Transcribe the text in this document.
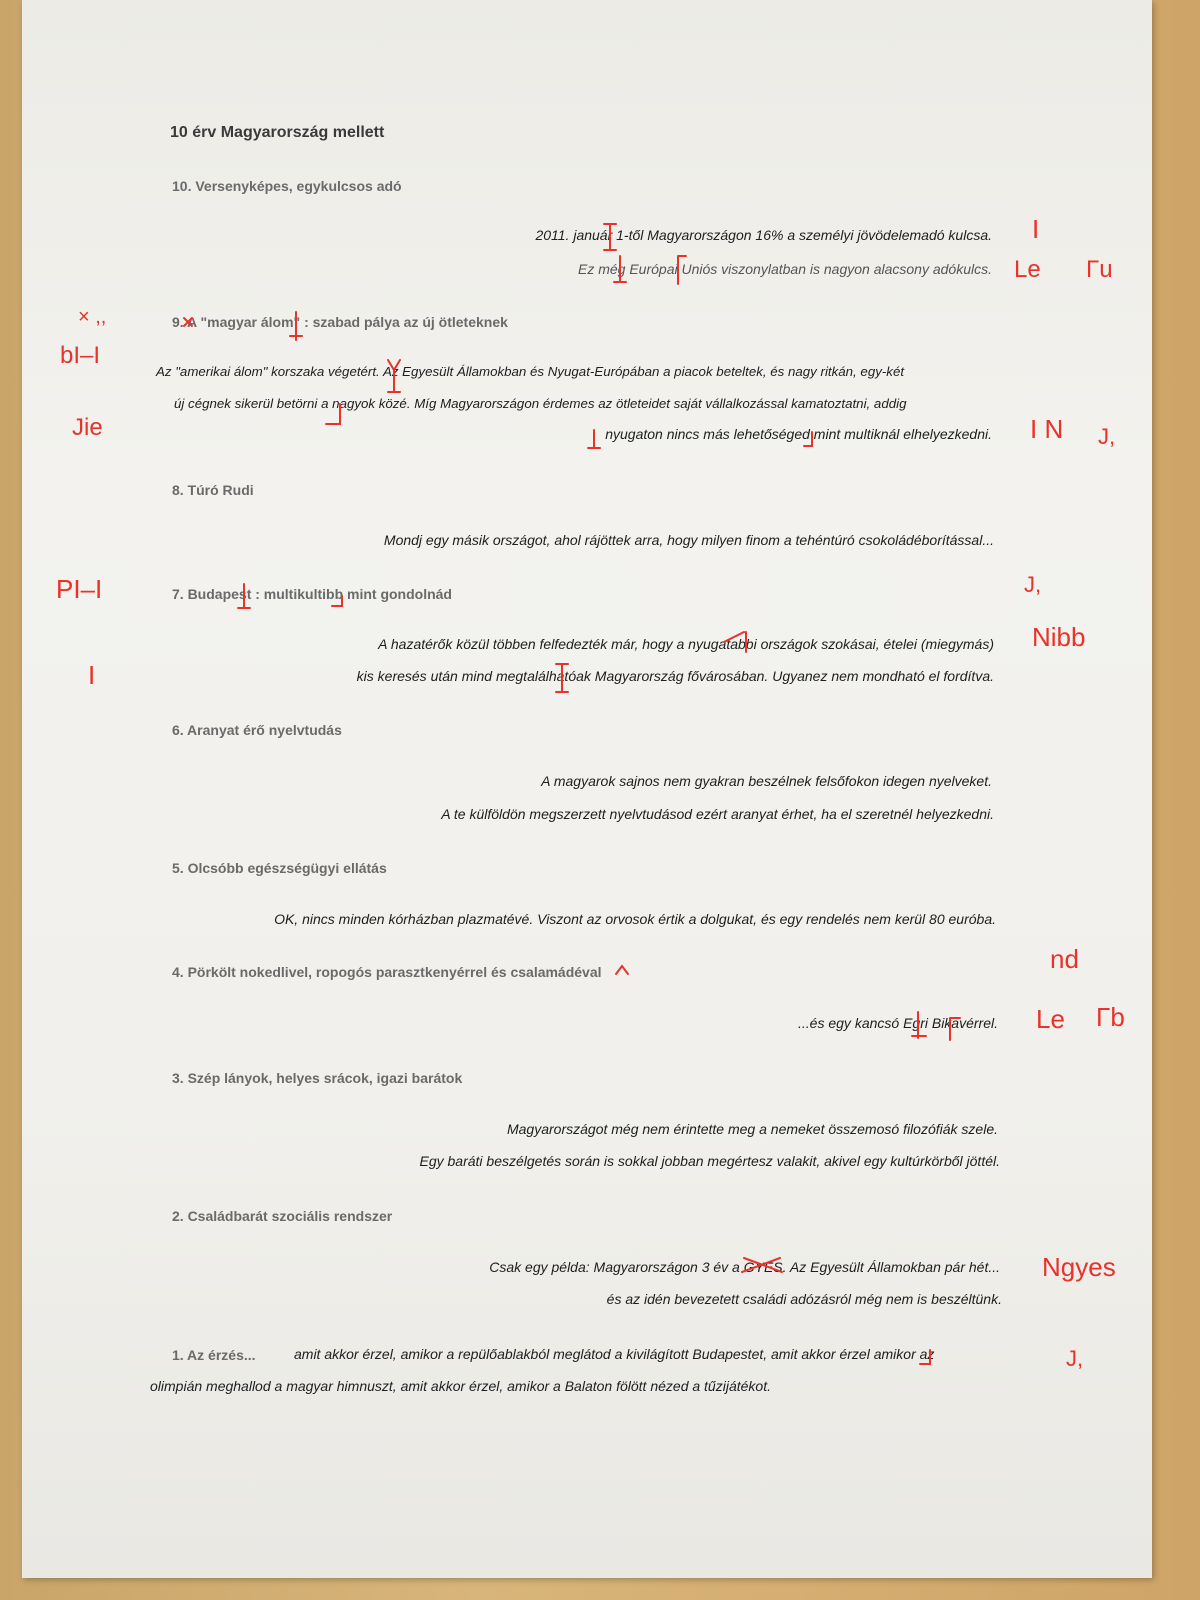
10 érv Magyarország mellett
10. Versenyképes, egykulcsos adó
2011. január 1-től Magyarországon 16% a személyi jövödelemadó kulcsa.
Ez még Európai Uniós viszonylatban is nagyon alacsony adókulcs.
9. A "magyar álom" : szabad pálya az új ötleteknek
Az "amerikai álom" korszaka végetért. Az Egyesült Államokban és Nyugat-Európában a piacok beteltek, és nagy ritkán, egy-két
új cégnek sikerül betörni a nagyok közé. Míg Magyarországon érdemes az ötleteidet saját vállalkozással kamatoztatni, addig
nyugaton nincs más lehetőséged mint multiknál elhelyezkedni.
8. Túró Rudi
Mondj egy másik országot, ahol rájöttek arra, hogy milyen finom a tehéntúró csokoládéborítással...
7. Budapest : multikultibb mint gondolnád
A hazatérők közül többen felfedezték már, hogy a nyugatabbi országok szokásai, ételei (miegymás)
kis keresés után mind megtalálhatóak Magyarország fővárosában. Ugyanez nem mondható el fordítva.
6. Aranyat érő nyelvtudás
A magyarok sajnos nem gyakran beszélnek felsőfokon idegen nyelveket.
A te külföldön megszerzett nyelvtudásod ezért aranyat érhet, ha el szeretnél helyezkedni.
5. Olcsóbb egészségügyi ellátás
OK, nincs minden kórházban plazmatévé. Viszont az orvosok értik a dolgukat, és egy rendelés nem kerül 80 euróba.
4. Pörkölt nokedlivel, ropogós parasztkenyérrel és csalamádéval
...és egy kancsó Egri Bikavérrel.
3. Szép lányok, helyes srácok, igazi barátok
Magyarországot még nem érintette meg a nemeket összemosó filozófiák szele.
Egy baráti beszélgetés során is sokkal jobban megértesz valakit, akivel egy kultúrkörből jöttél.
2. Családbarát szociális rendszer
Csak egy példa: Magyarországon 3 év a GYES. Az Egyesült Államokban pár hét...
és az idén bevezetett családi adózásról még nem is beszéltünk.
1. Az érzés...	amit akkor érzel, amikor a repülőablakból meglátod a kivilágított Budapestet, amit akkor érzel amikor az
olimpián meghallod a magyar himnuszt, amit akkor érzel, amikor a Balaton fölött nézed a tűzijátékot.
I
Le Γu
× ,,
bI–I
Jie	I N J,
PI–I	J,
Nibb
I
nd
Le Γb
Ngyes
J,
